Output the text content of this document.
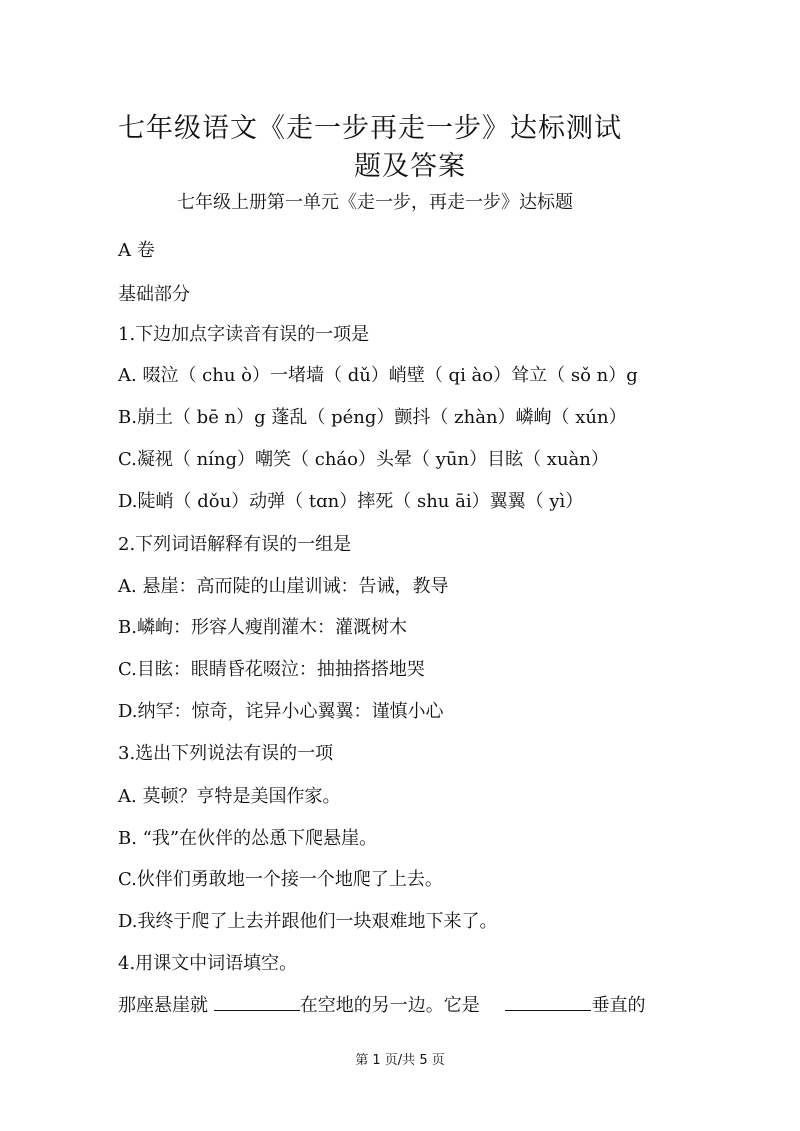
七年级语文《走一步再走一步》达标测试
题及答案
七年级上册第一单元《走一步，再走一步》达标题
A 卷
基础部分
1.下边加点字读音有误的一项是
A. 啜泣（ chu ò）一堵墙（ dǔ）峭壁（ qi ào）耸立（ sǒ n）g
B.崩土（ bē n）g 蓬乱（ péng）颤抖（ zhàn）嶙峋（ xún）
C.凝视（ níng）嘲笑（ cháo）头晕（ yūn）目眩（ xuàn）
D.陡峭（ dǒu）动弹（ tɑn）摔死（ shu āi）翼翼（ yì）
2.下列词语解释有误的一组是
A. 悬崖：高而陡的山崖训诫：告诫，教导
B.嶙峋：形容人瘦削灌木：灌溉树木
C.目眩：眼睛昏花啜泣：抽抽搭搭地哭
D.纳罕：惊奇，诧异小心翼翼：谨慎小心
3.选出下列说法有误的一项
A. 莫顿？亨特是美国作家。
B. “我”在伙伴的怂恿下爬悬崖。
C.伙伴们勇敢地一个接一个地爬了上去。
D.我终于爬了上去并跟他们一块艰难地下来了。
4.用课文中词语填空。
那座悬崖就	在空地的另一边。它是	垂直的
第 1 页/共 5 页
